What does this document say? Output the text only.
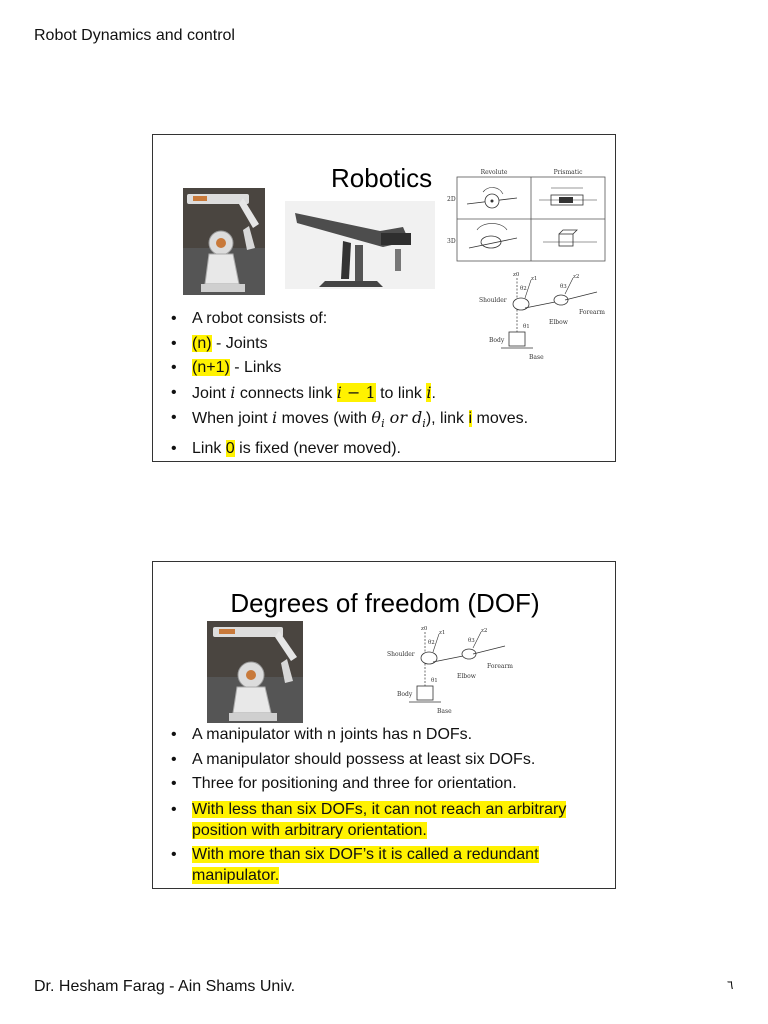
Robot Dynamics and control
Robotics	Revolute	Prismatic
2D
3D
z0
z1	z2
θ2	θ3
θ1
Shoulder
Forearm
Elbow
Body
Base
• A robot consists of:
• (n) - Joints
• (n+1) - Links
• Joint i connects link i − 1 to link i.
• When joint i moves (with $\theta_i$ or $d_i$), link i moves.
• Link 0 is fixed (never moved).
Degrees of freedom (DOF)
z0
z1	z2
θ2	θ3
θ1
Shoulder
Forearm
Elbow
Body
Base
• A manipulator with n joints has n DOFs.
• A manipulator should possess at least six DOFs.
• Three for positioning and three for orientation.
• With less than six DOFs, it can not reach an arbitrary position with arbitrary orientation.
• With more than six DOF’s it is called a redundant manipulator.
Dr. Hesham Farag - Ain Shams Univ.	٦
